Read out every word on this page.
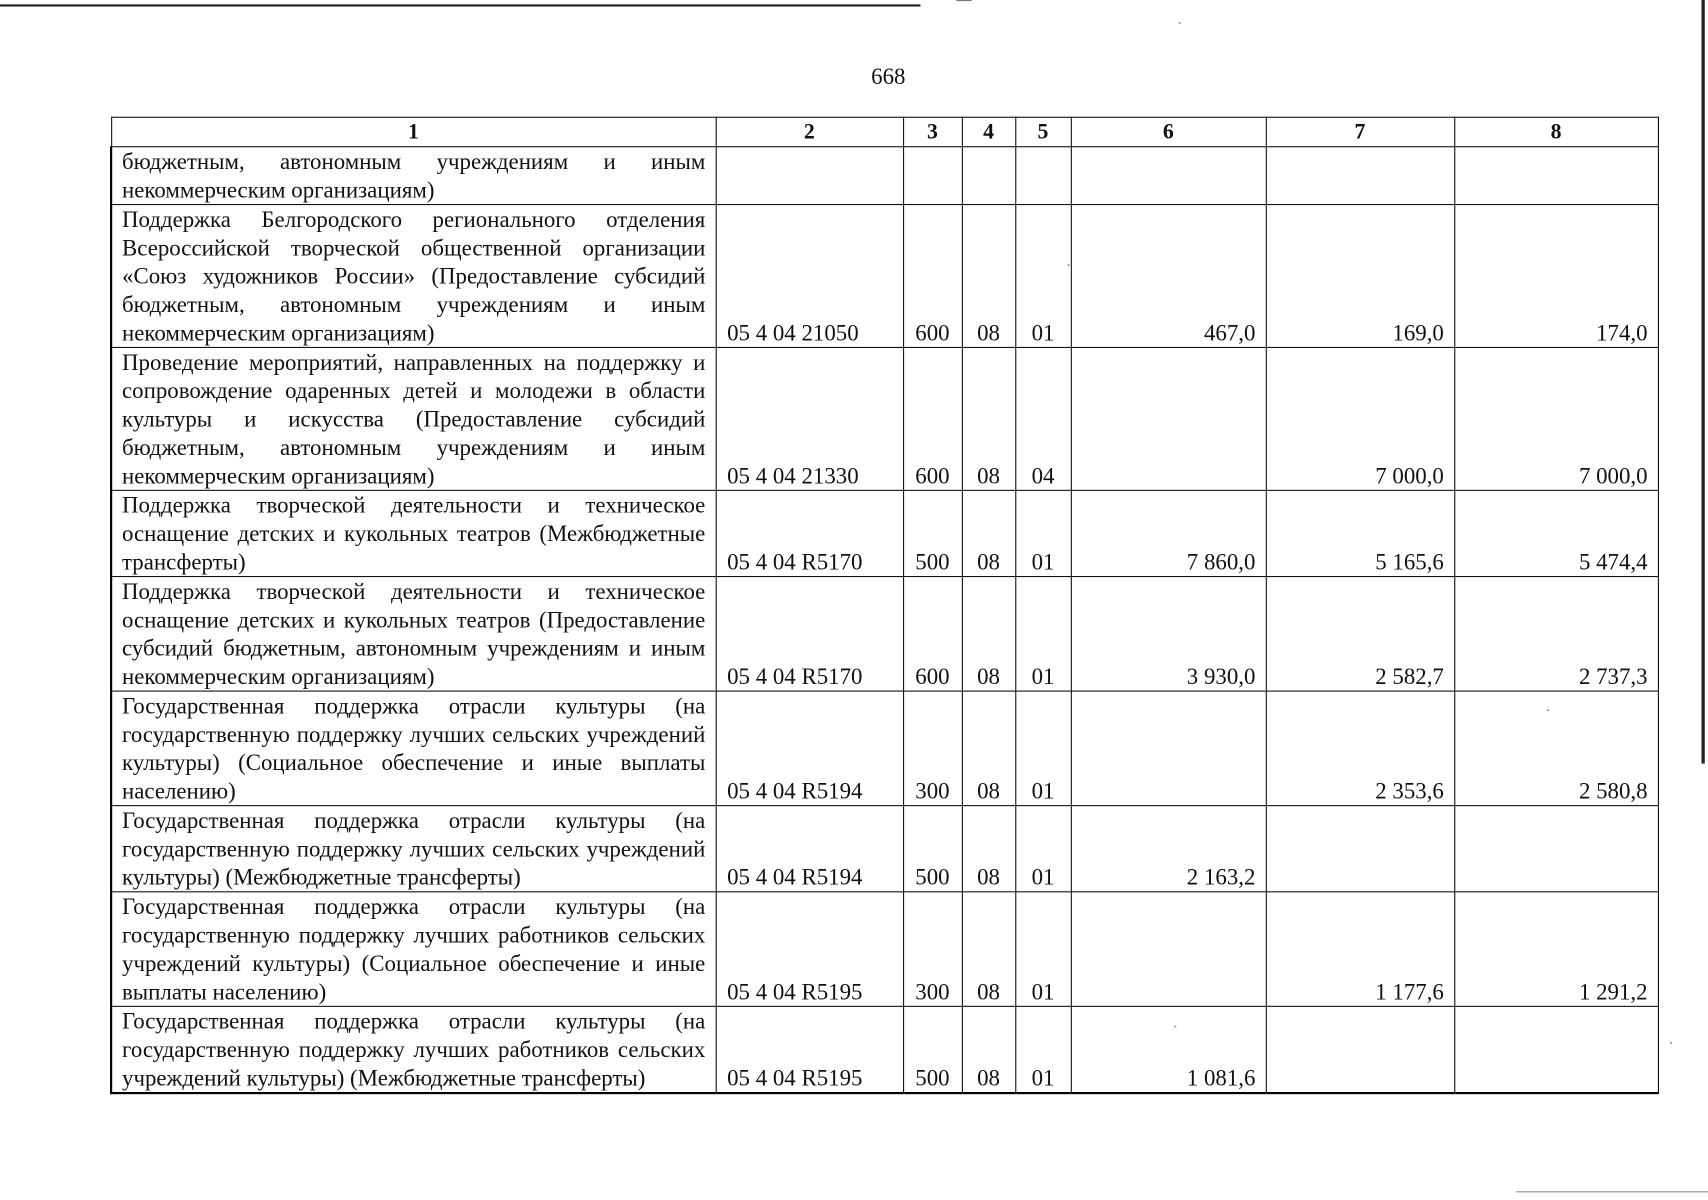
668
1	2	3	4	5	6	7	8
бюджетным, автономным учреждениям и иным некоммерческим организациям)							
Поддержка Белгородского регионального отделения Всероссийской творческой общественной организации «Союз художников России» (Предоставление субсидий бюджетным, автономным учреждениям и иным некоммерческим организациям)	05 4 04 21050	600	08	01	467,0	169,0	174,0
Проведение мероприятий, направленных на поддержку и сопровождение одаренных детей и молодежи в области культуры и искусства (Предоставление субсидий бюджетным, автономным учреждениям и иным некоммерческим организациям)	05 4 04 21330	600	08	04		7 000,0	7 000,0
Поддержка творческой деятельности и техническое оснащение детских и кукольных театров (Межбюджетные трансферты)	05 4 04 R5170	500	08	01	7 860,0	5 165,6	5 474,4
Поддержка творческой деятельности и техническое оснащение детских и кукольных театров (Предоставление субсидий бюджетным, автономным учреждениям и иным некоммерческим организациям)	05 4 04 R5170	600	08	01	3 930,0	2 582,7	2 737,3
Государственная поддержка отрасли культуры (на государственную поддержку лучших сельских учреждений культуры) (Социальное обеспечение и иные выплаты населению)	05 4 04 R5194	300	08	01		2 353,6	2 580,8
Государственная поддержка отрасли культуры (на государственную поддержку лучших сельских учреждений культуры) (Межбюджетные трансферты)	05 4 04 R5194	500	08	01	2 163,2		
Государственная поддержка отрасли культуры (на государственную поддержку лучших работников сельских учреждений культуры) (Социальное обеспечение и иные выплаты населению)	05 4 04 R5195	300	08	01		1 177,6	1 291,2
Государственная поддержка отрасли культуры (на государственную поддержку лучших работников сельских учреждений культуры) (Межбюджетные трансферты)	05 4 04 R5195	500	08	01	1 081,6		
